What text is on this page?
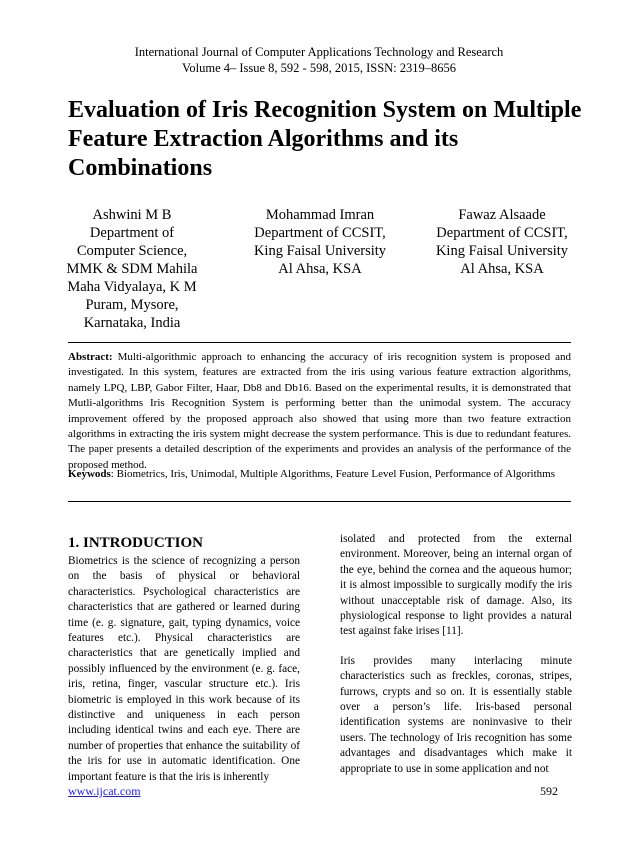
International Journal of Computer Applications Technology and Research
Volume 4– Issue 8, 592 - 598, 2015, ISSN: 2319–8656
Evaluation of Iris Recognition System on Multiple
Feature Extraction Algorithms and its
Combinations
Ashwini M B
Department of
Computer Science,
MMK & SDM Mahila
Maha Vidyalaya, K M
Puram, Mysore,
Karnataka, India
Mohammad Imran
Department of CCSIT,
King Faisal University
Al Ahsa, KSA
Fawaz Alsaade
Department of CCSIT,
King Faisal University
Al Ahsa, KSA
Abstract: Multi-algorithmic approach to enhancing the accuracy of iris recognition system is proposed and investigated. In this system, features are extracted from the iris using various feature extraction algorithms, namely LPQ, LBP, Gabor Filter, Haar, Db8 and Db16. Based on the experimental results, it is demonstrated that Mutli-algorithms Iris Recognition System is performing better than the unimodal system. The accuracy improvement offered by the proposed approach also showed that using more than two feature extraction algorithms in extracting the iris system might decrease the system performance. This is due to redundant features. The paper presents a detailed description of the experiments and provides an analysis of the performance of the proposed method.
Keywods: Biometrics, Iris, Unimodal, Multiple Algorithms, Feature Level Fusion, Performance of Algorithms
1. INTRODUCTION

Biometrics is the science of recognizing a person on the basis of physical or behavioral characteristics. Psychological characteristics are characteristics that are gathered or learned during time (e. g. signature, gait, typing dynamics, voice features etc.). Physical characteristics are characteristics that are genetically implied and possibly influenced by the environment (e. g. face, iris, retina, finger, vascular structure etc.). Iris biometric is employed in this work because of its distinctive and uniqueness in each person including identical twins and each eye. There are number of properties that enhance the suitability of the iris for use in automatic identification. One important feature is that the iris is inherently

isolated and protected from the external environment. Moreover, being an internal organ of the eye, behind the cornea and the aqueous humor; it is almost impossible to surgically modify the iris without unacceptable risk of damage. Also, its physiological response to light provides a natural test against fake irises [11].

Iris provides many interlacing minute characteristics such as freckles, coronas, stripes, furrows, crypts and so on. It is essentially stable over a person’s life. Iris-based personal identification systems are noninvasive to their users. The technology of Iris recognition has some advantages and disadvantages which make it appropriate to use in some application and not

www.ijcat.com	592
